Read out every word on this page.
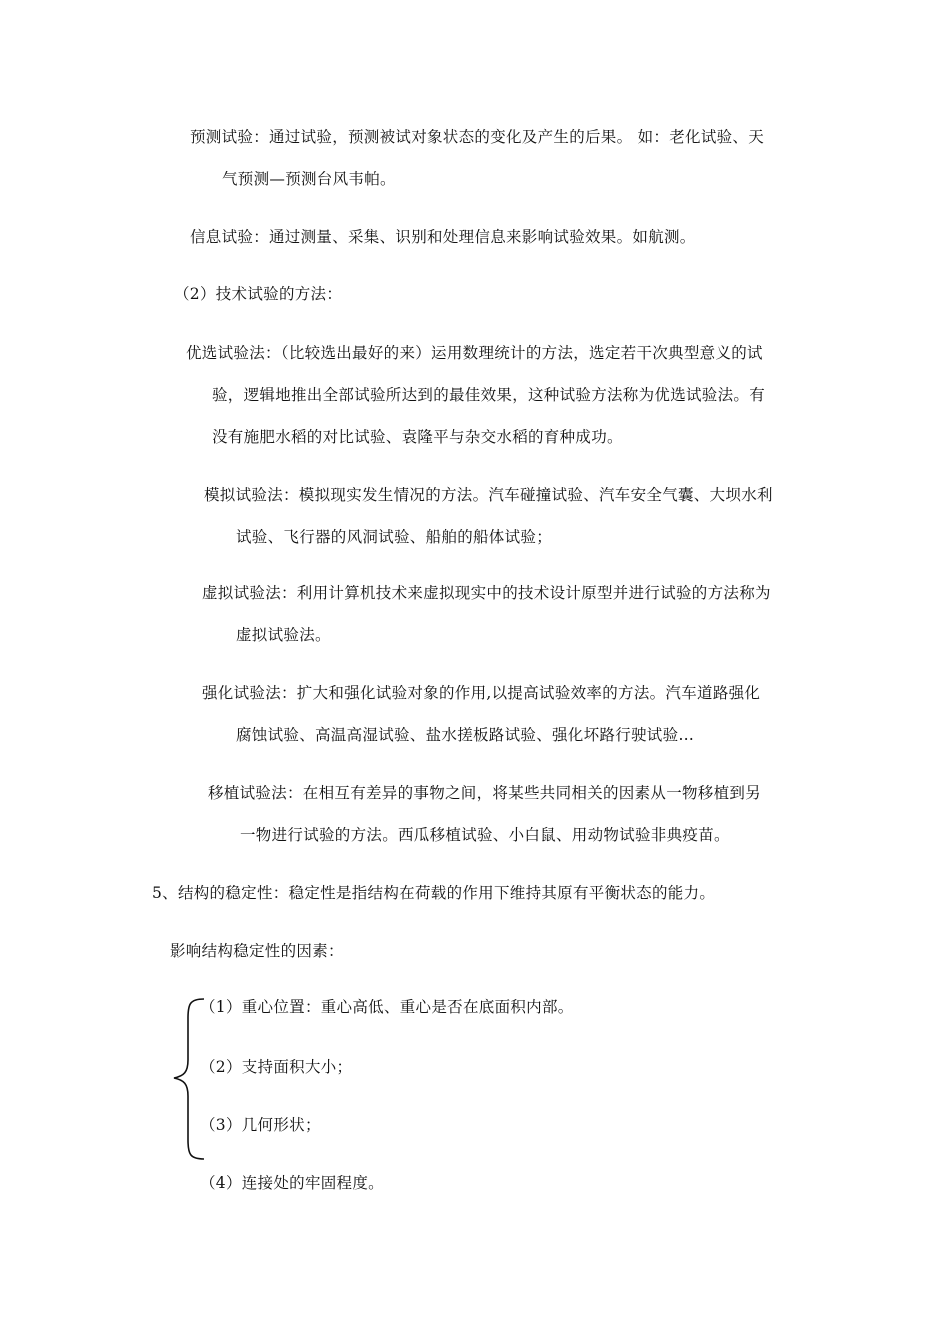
预测试验：通过试验，预测被试对象状态的变化及产生的后果。 如：老化试验、天
气预测—预测台风韦帕。
信息试验：通过测量、采集、识别和处理信息来影响试验效果。如航测。
（2）技术试验的方法：
优选试验法：（比较选出最好的来）运用数理统计的方法，选定若干次典型意义的试
验，逻辑地推出全部试验所达到的最佳效果，这种试验方法称为优选试验法。有
没有施肥水稻的对比试验、袁隆平与杂交水稻的育种成功。
模拟试验法：模拟现实发生情况的方法。汽车碰撞试验、汽车安全气囊、大坝水利
试验、飞行器的风洞试验、船舶的船体试验；
虚拟试验法：利用计算机技术来虚拟现实中的技术设计原型并进行试验的方法称为
虚拟试验法。
强化试验法：扩大和强化试验对象的作用,以提高试验效率的方法。汽车道路强化
腐蚀试验、高温高湿试验、盐水搓板路试验、强化坏路行驶试验…
移植试验法：在相互有差异的事物之间，将某些共同相关的因素从一物移植到另
一物进行试验的方法。西瓜移植试验、小白鼠、用动物试验非典疫苗。
5、结构的稳定性：稳定性是指结构在荷载的作用下维持其原有平衡状态的能力。
影响结构稳定性的因素：
（1）重心位置：重心高低、重心是否在底面积内部。
（2）支持面积大小；
（3）几何形状；
（4）连接处的牢固程度。
